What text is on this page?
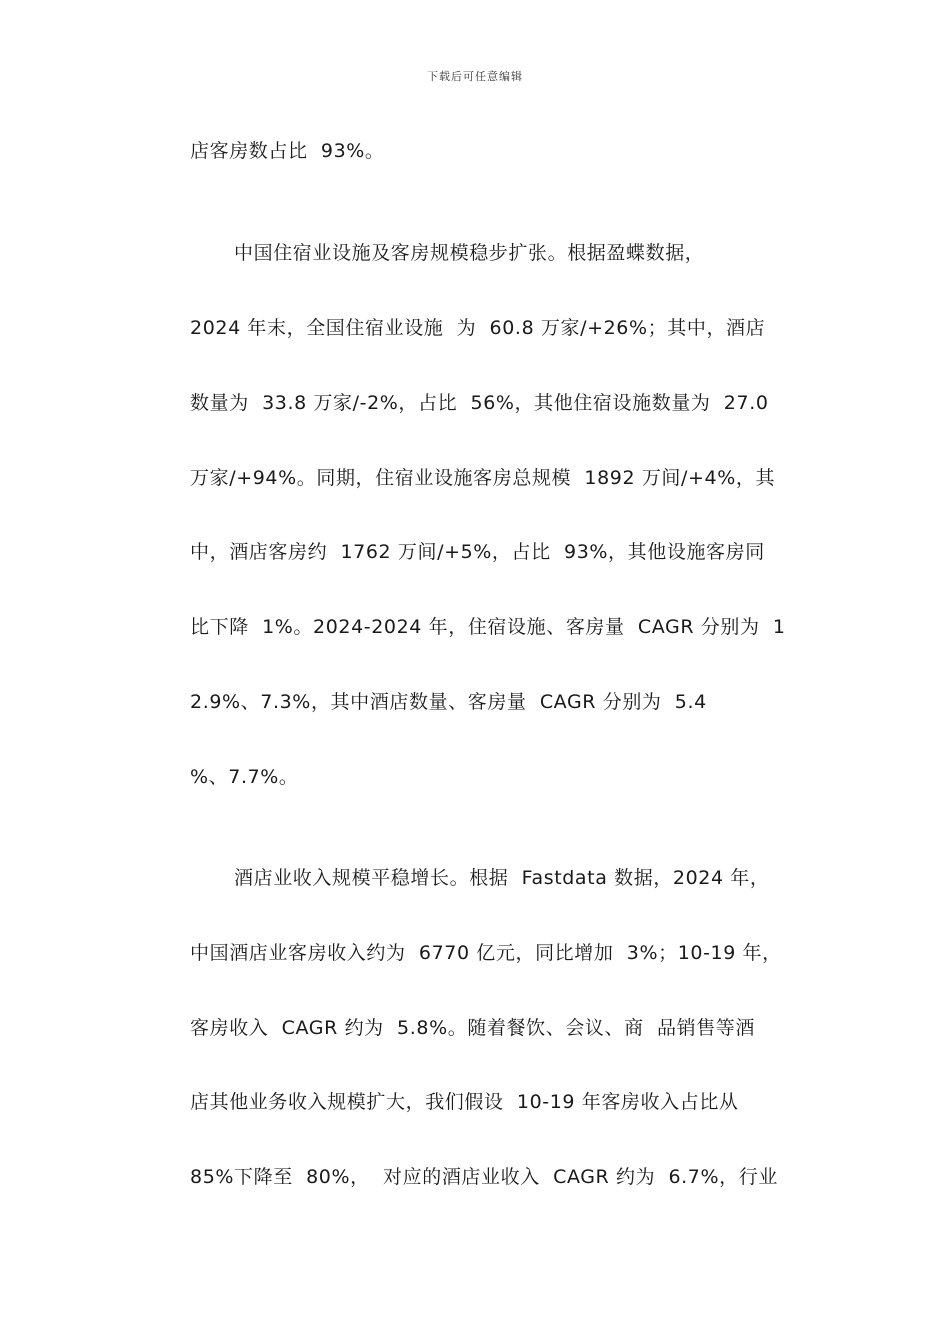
下载后可任意编辑
店客房数占比  93%。
中国住宿业设施及客房规模稳步扩张。根据盈蝶数据，
2024 年末，全国住宿业设施  为  60.8 万家/+26%；其中，酒店
数量为  33.8 万家/-2%，占比  56%，其他住宿设施数量为  27.0
万家/+94%。同期，住宿业设施客房总规模  1892 万间/+4%，其
中，酒店客房约  1762 万间/+5%，占比  93%，其他设施客房同
比下降  1%。2024-2024 年，住宿设施、客房量  CAGR 分别为  1
2.9%、7.3%，其中酒店数量、客房量  CAGR 分别为  5.4
%、7.7%。
酒店业收入规模平稳增长。根据  Fastdata 数据，2024 年，
中国酒店业客房收入约为  6770 亿元，同比增加  3%；10-19 年，
客房收入  CAGR 约为  5.8%。随着餐饮、会议、商  品销售等酒
店其他业务收入规模扩大，我们假设  10-19 年客房收入占比从
85%下降至  80%，  对应的酒店业收入  CAGR 约为  6.7%，行业
